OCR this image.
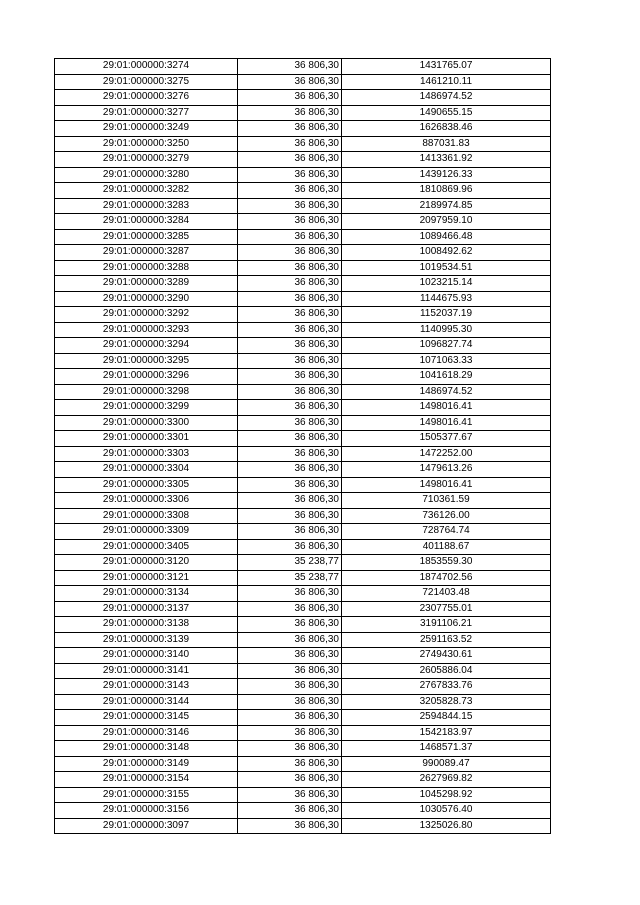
29:01:000000:3274	36 806,30	1431765.07
29:01:000000:3275	36 806,30	1461210.11
29:01:000000:3276	36 806,30	1486974.52
29:01:000000:3277	36 806,30	1490655.15
29:01:000000:3249	36 806,30	1626838.46
29:01:000000:3250	36 806,30	887031.83
29:01:000000:3279	36 806,30	1413361.92
29:01:000000:3280	36 806,30	1439126.33
29:01:000000:3282	36 806,30	1810869.96
29:01:000000:3283	36 806,30	2189974.85
29:01:000000:3284	36 806,30	2097959.10
29:01:000000:3285	36 806,30	1089466.48
29:01:000000:3287	36 806,30	1008492.62
29:01:000000:3288	36 806,30	1019534.51
29:01:000000:3289	36 806,30	1023215.14
29:01:000000:3290	36 806,30	1144675.93
29:01:000000:3292	36 806,30	1152037.19
29:01:000000:3293	36 806,30	1140995.30
29:01:000000:3294	36 806,30	1096827.74
29:01:000000:3295	36 806,30	1071063.33
29:01:000000:3296	36 806,30	1041618.29
29:01:000000:3298	36 806,30	1486974.52
29:01:000000:3299	36 806,30	1498016.41
29:01:000000:3300	36 806,30	1498016.41
29:01:000000:3301	36 806,30	1505377.67
29:01:000000:3303	36 806,30	1472252.00
29:01:000000:3304	36 806,30	1479613.26
29:01:000000:3305	36 806,30	1498016.41
29:01:000000:3306	36 806,30	710361.59
29:01:000000:3308	36 806,30	736126.00
29:01:000000:3309	36 806,30	728764.74
29:01:000000:3405	36 806,30	401188.67
29:01:000000:3120	35 238,77	1853559.30
29:01:000000:3121	35 238,77	1874702.56
29:01:000000:3134	36 806,30	721403.48
29:01:000000:3137	36 806,30	2307755.01
29:01:000000:3138	36 806,30	3191106.21
29:01:000000:3139	36 806,30	2591163.52
29:01:000000:3140	36 806,30	2749430.61
29:01:000000:3141	36 806,30	2605886.04
29:01:000000:3143	36 806,30	2767833.76
29:01:000000:3144	36 806,30	3205828.73
29:01:000000:3145	36 806,30	2594844.15
29:01:000000:3146	36 806,30	1542183.97
29:01:000000:3148	36 806,30	1468571.37
29:01:000000:3149	36 806,30	990089.47
29:01:000000:3154	36 806,30	2627969.82
29:01:000000:3155	36 806,30	1045298.92
29:01:000000:3156	36 806,30	1030576.40
29:01:000000:3097	36 806,30	1325026.80
